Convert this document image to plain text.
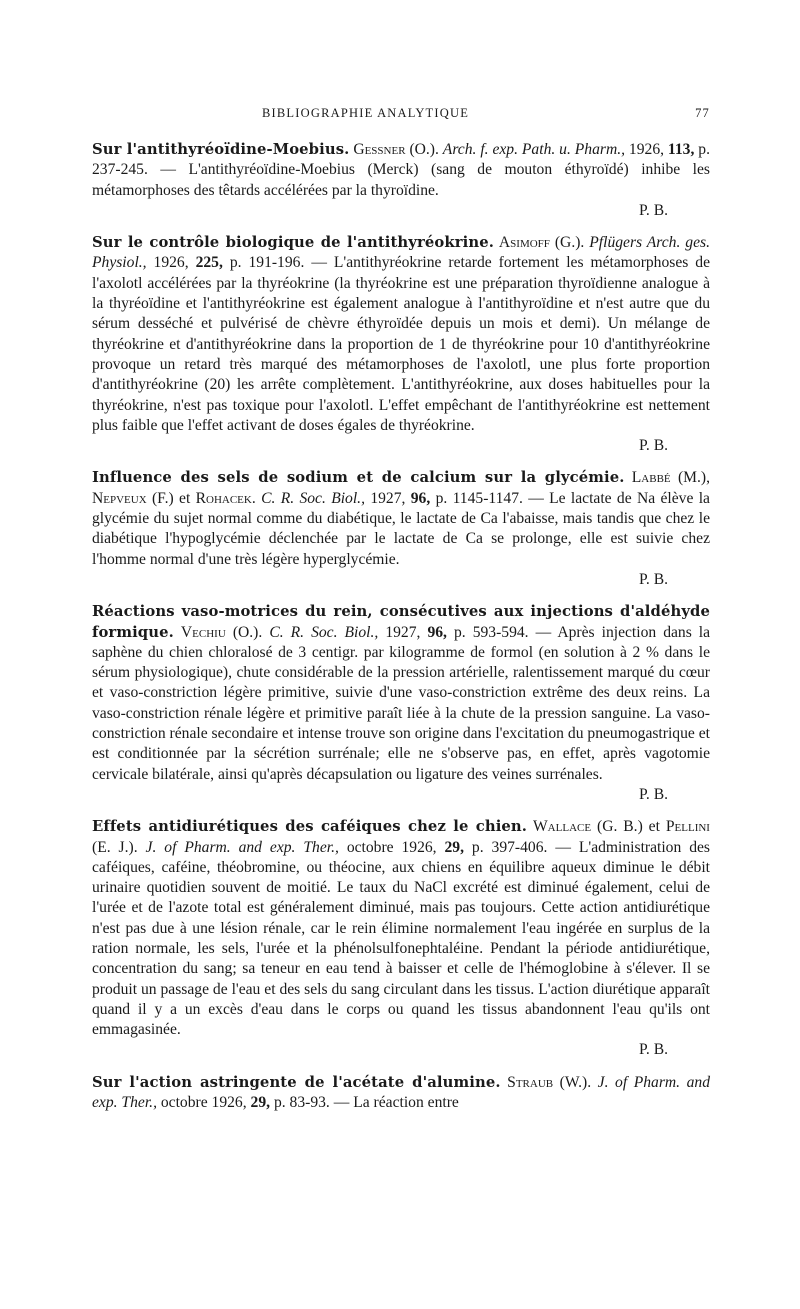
BIBLIOGRAPHIE ANALYTIQUE	77

Sur l'antithyréoïdine-Moebius. Gessner (O.). Arch. f. exp. Path. u. Pharm., 1926, 113, p. 237-245. — L'antithyréoïdine-Moebius (Merck) (sang de mouton éthyroïdé) inhibe les métamorphoses des têtards accélérées par la thyroïdine.
P. B.

Sur le contrôle biologique de l'antithyréokrine. Asimoff (G.). Pflügers Arch. ges. Physiol., 1926, 225, p. 191-196. — L'antithyréokrine retarde fortement les métamorphoses de l'axolotl accélérées par la thyréokrine (la thyréokrine est une préparation thyroïdienne analogue à la thyréoïdine et l'antithyréokrine est également analogue à l'antithyroïdine et n'est autre que du sérum desséché et pulvérisé de chèvre éthyroïdée depuis un mois et demi). Un mélange de thyréokrine et d'antithyréokrine dans la proportion de 1 de thyréokrine pour 10 d'antithyréokrine provoque un retard très marqué des métamorphoses de l'axolotl, une plus forte proportion d'antithyréokrine (20) les arrête complètement. L'antithyréokrine, aux doses habituelles pour la thyréokrine, n'est pas toxique pour l'axolotl. L'effet empêchant de l'antithyréokrine est nettement plus faible que l'effet activant de doses égales de thyréokrine.
P. B.

Influence des sels de sodium et de calcium sur la glycémie. Labbé (M.), Nepveux (F.) et Rohacek. C. R. Soc. Biol., 1927, 96, p. 1145-1147. — Le lactate de Na élève la glycémie du sujet normal comme du diabétique, le lactate de Ca l'abaisse, mais tandis que chez le diabétique l'hypoglycémie déclenchée par le lactate de Ca se prolonge, elle est suivie chez l'homme normal d'une très légère hyperglycémie.
P. B.

Réactions vaso-motrices du rein, consécutives aux injections d'aldéhyde formique. Vechiu (O.). C. R. Soc. Biol., 1927, 96, p. 593-594. — Après injection dans la saphène du chien chloralosé de 3 centigr. par kilogramme de formol (en solution à 2 % dans le sérum physiologique), chute considérable de la pression artérielle, ralentissement marqué du cœur et vaso-constriction légère primitive, suivie d'une vaso-constriction extrême des deux reins. La vaso-constriction rénale légère et primitive paraît liée à la chute de la pression sanguine. La vaso-constriction rénale secondaire et intense trouve son origine dans l'excitation du pneumogastrique et est conditionnée par la sécrétion surrénale; elle ne s'observe pas, en effet, après vagotomie cervicale bilatérale, ainsi qu'après décapsulation ou ligature des veines surrénales.
P. B.

Effets antidiurétiques des caféiques chez le chien. Wallace (G. B.) et Pellini (E. J.). J. of Pharm. and exp. Ther., octobre 1926, 29, p. 397-406. — L'administration des caféiques, caféine, théobromine, ou théocine, aux chiens en équilibre aqueux diminue le débit urinaire quotidien souvent de moitié. Le taux du NaCl excrété est diminué également, celui de l'urée et de l'azote total est généralement diminué, mais pas toujours. Cette action antidiurétique n'est pas due à une lésion rénale, car le rein élimine normalement l'eau ingérée en surplus de la ration normale, les sels, l'urée et la phénolsulfonephtaléine. Pendant la période antidiurétique, concentration du sang; sa teneur en eau tend à baisser et celle de l'hémoglobine à s'élever. Il se produit un passage de l'eau et des sels du sang circulant dans les tissus. L'action diurétique apparaît quand il y a un excès d'eau dans le corps ou quand les tissus abandonnent l'eau qu'ils ont emmagasinée.
P. B.

Sur l'action astringente de l'acétate d'alumine. Straub (W.). J. of Pharm. and exp. Ther., octobre 1926, 29, p. 83-93. — La réaction entre
